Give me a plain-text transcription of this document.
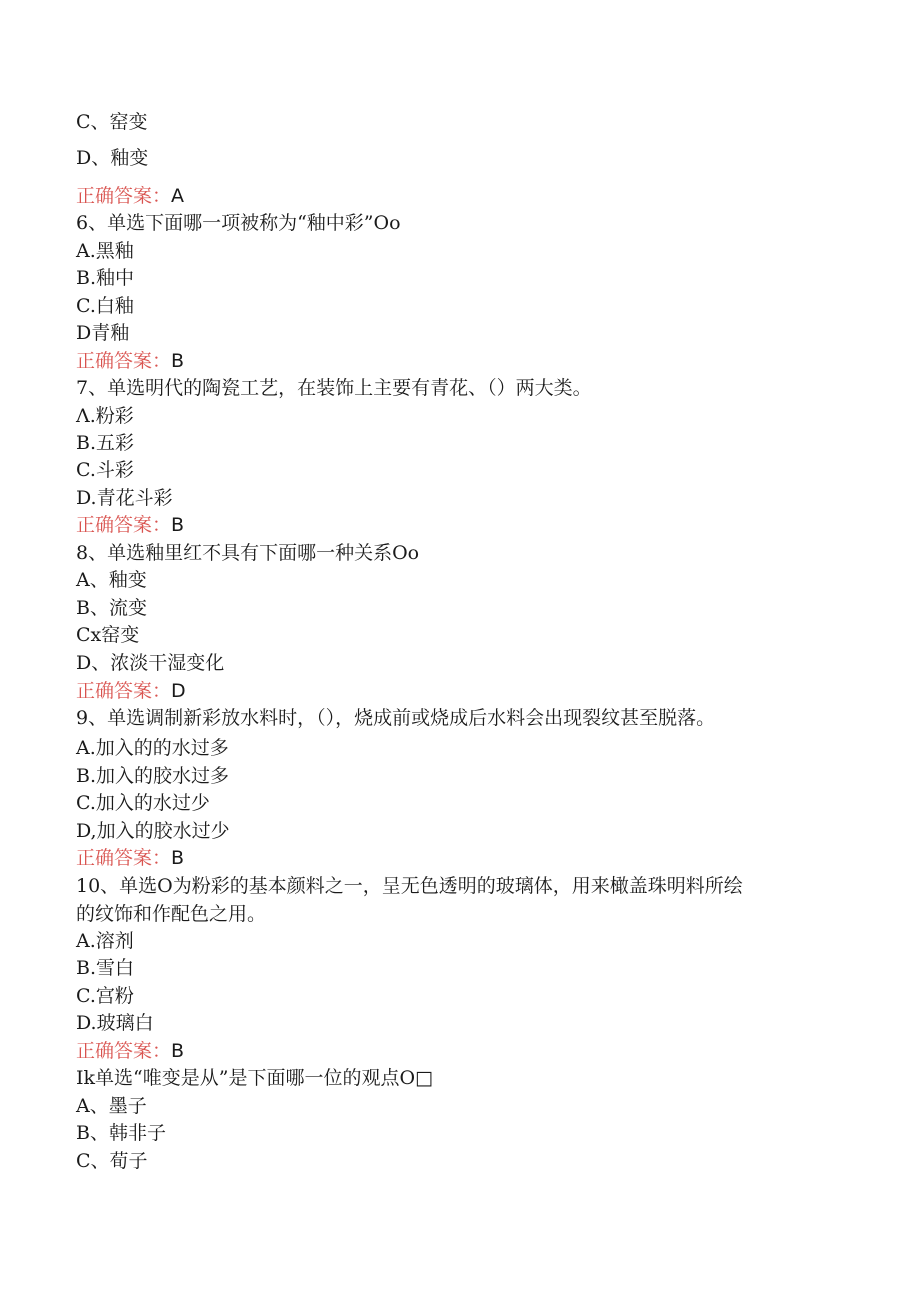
C、窑变
D、釉变
正确答案：A
6、单选下面哪一项被称为“釉中彩”Oo
A.黑釉
B.釉中
C.白釉
D青釉
正确答案：B
7、单选明代的陶瓷工艺，在装饰上主要有青花、（）两大类。
Λ.粉彩
B.五彩
C.斗彩
D.青花斗彩
正确答案：B
8、单选釉里红不具有下面哪一种关系Oo
A、釉变
B、流变
Cx窑变
D、浓淡干湿变化
正确答案：D
9、单选调制新彩放水料时，（），烧成前或烧成后水料会出现裂纹甚至脱落。
A.加入的的水过多
B.加入的胶水过多
C.加入的水过少
D,加入的胶水过少
正确答案：B
10、单选O为粉彩的基本颜料之一，呈无色透明的玻璃体，用来橄盖珠明料所绘
的纹饰和作配色之用。
A.溶剂
B.雪白
C.宫粉
D.玻璃白
正确答案：B
Ik单选“唯变是从”是下面哪一位的观点O□
A、墨子
B、韩非子
C、荀子
